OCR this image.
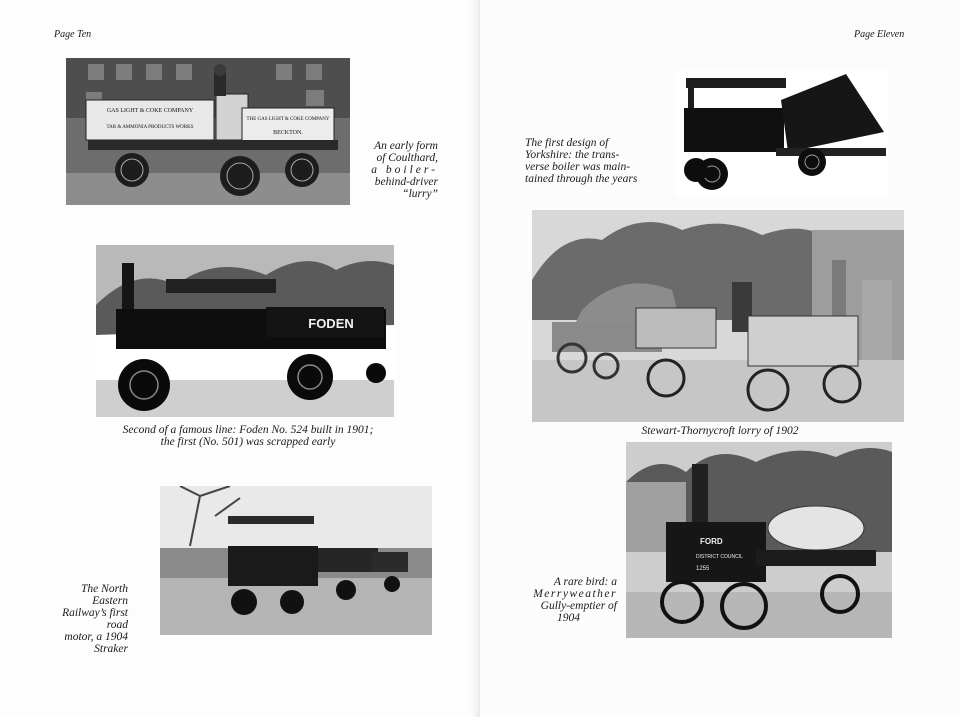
Page Ten
GAS LIGHT & COKE COMPANY
TAR & AMMONIA PRODUCTS WORKS
THE GAS LIGHT & COKE COMPANY
BECKTON.
An early form
of Coulthard,
a boiler-
behind-driver
“lurry”
FODEN
Second of a famous line: Foden No. 524 built in 1901;
the first (No. 501) was scrapped early
The North Eastern
Railway’s first road
motor, a 1904
Straker
Page Eleven
The first design of
Yorkshire: the trans-
verse boiler was main-
tained through the years
Stewart-Thornycroft lorry of 1902
FORD
DISTRICT COUNCIL
1255
A rare bird: a
Merryweather
Gully-emptier of
1904
